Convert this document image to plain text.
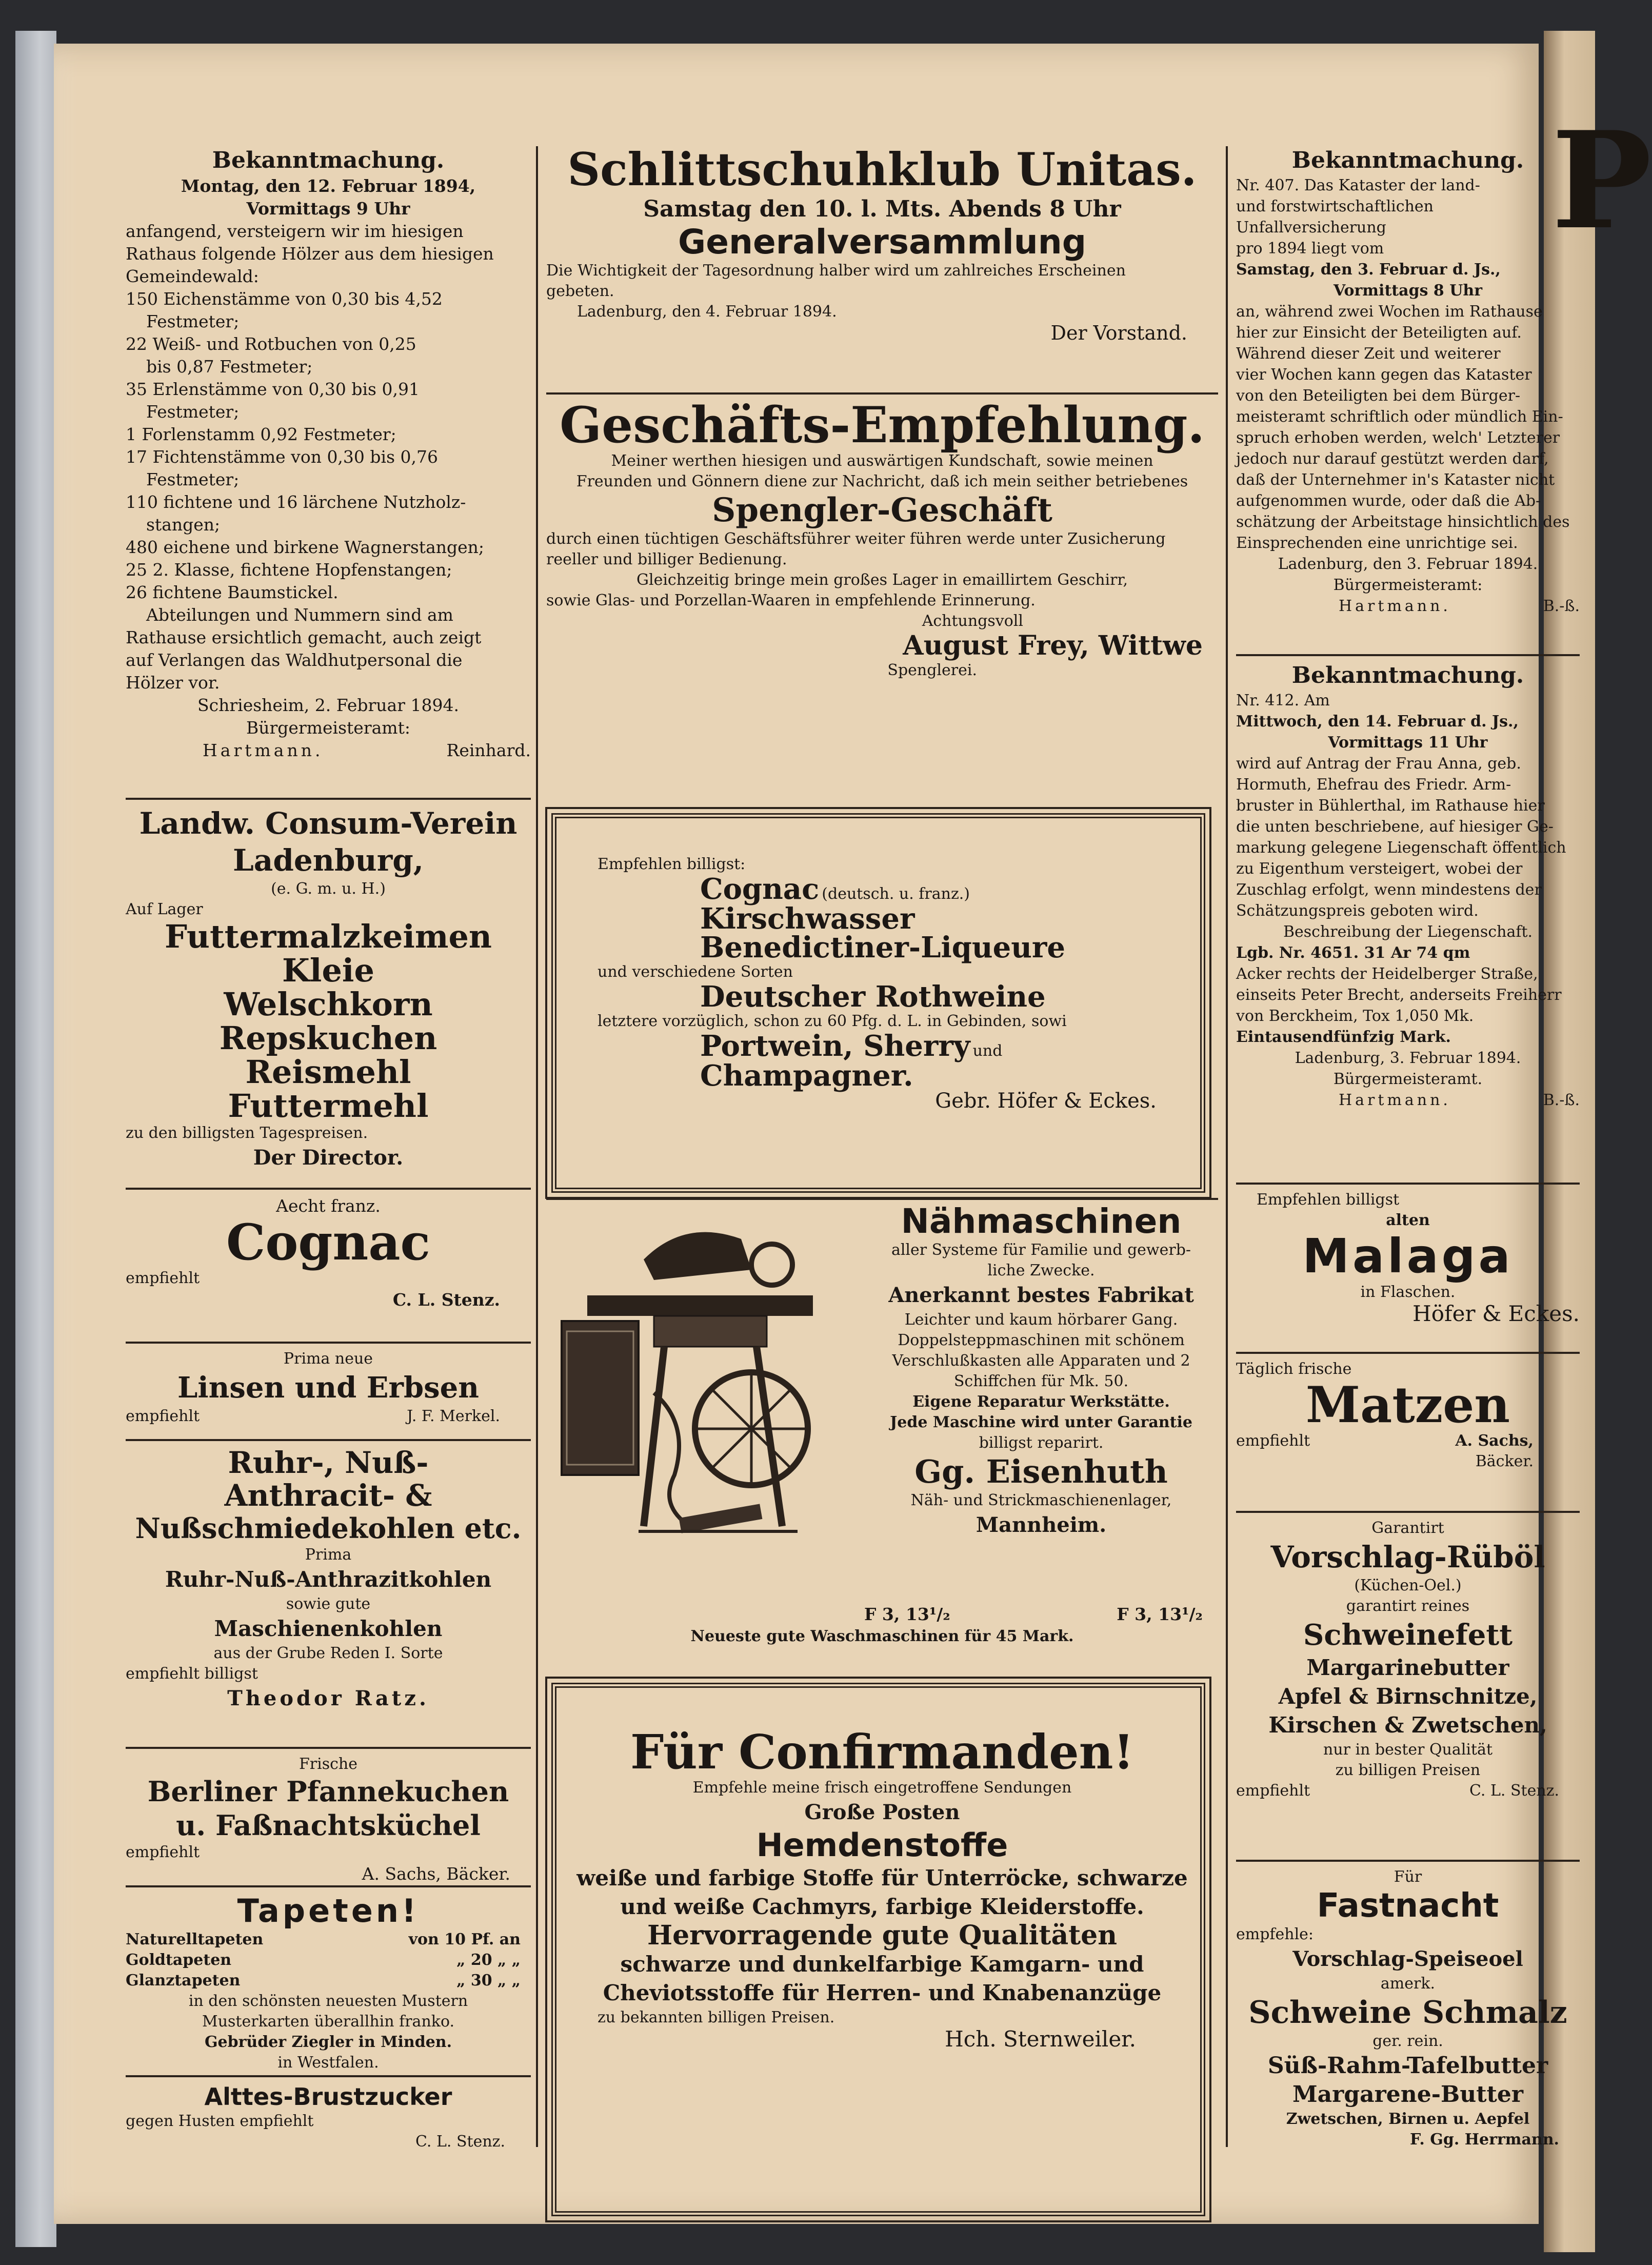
P

Bekanntmachung.

Montag, den 12. Februar 1894,

Vormittags 9 Uhr

anfangend, versteigern wir im hiesigen

Rathaus folgende Hölzer aus dem hiesigen

Gemeindewald:

150 Eichenstämme von 0,30 bis 4,52

Festmeter;

22 Weiß- und Rotbuchen von 0,25

bis 0,87 Festmeter;

35 Erlenstämme von 0,30 bis 0,91

Festmeter;

1 Forlenstamm 0,92 Festmeter;

17 Fichtenstämme von 0,30 bis 0,76

Festmeter;

110 fichtene und 16 lärchene Nutzholz-

stangen;

480 eichene und birkene Wagnerstangen;

25 2. Klasse, fichtene Hopfenstangen;

26 fichtene Baumstickel.

Abteilungen und Nummern sind am

Rathause ersichtlich gemacht, auch zeigt

auf Verlangen das Waldhutpersonal die

Hölzer vor.

Schriesheim, 2. Februar 1894.

Bürgermeisteramt:

Hartmann.	Reinhard.

Landw. Consum-Verein

Ladenburg,

(e. G. m. u. H.)

Auf Lager

Futtermalzkeimen

Kleie

Welschkorn

Repskuchen

Reismehl

Futtermehl

zu den billigsten Tagespreisen.

Der Director.

Aecht franz.

Cognac

empfiehlt

C. L. Stenz.

Prima neue

Linsen und Erbsen

empfiehlt	J. F. Merkel.

Ruhr-, Nuß-

Anthracit- &

Nußschmiedekohlen etc.

Prima

Ruhr-Nuß-Anthrazitkohlen

sowie gute

Maschienenkohlen

aus der Grube Reden I. Sorte

empfiehlt billigst

Theodor Ratz.

Frische

Berliner Pfannekuchen

u. Faßnachtsküchel

empfiehlt

A. Sachs, Bäcker.

Tapeten!

Naturelltapeten	von 10 Pf. an
Goldtapeten	„ 20 „ „
Glanztapeten	„ 30 „ „

in den schönsten neuesten Mustern

Musterkarten überallhin franko.

Gebrüder Ziegler in Minden.

in Westfalen.

Alttes-Brustzucker

gegen Husten empfiehlt

C. L. Stenz.

Schlittschuhklub Unitas.

Samstag den 10. l. Mts. Abends 8 Uhr

Generalversammlung

Die Wichtigkeit der Tagesordnung halber wird um zahlreiches Erscheinen

gebeten.

Ladenburg, den 4. Februar 1894.

Der Vorstand.

Geschäfts-Empfehlung.

Meiner werthen hiesigen und auswärtigen Kundschaft, sowie meinen

Freunden und Gönnern diene zur Nachricht, daß ich mein seither betriebenes

Spengler-Geschäft

durch einen tüchtigen Geschäftsführer weiter führen werde unter Zusicherung

reeller und billiger Bedienung.

Gleichzeitig bringe mein großes Lager in emaillirtem Geschirr,

sowie Glas- und Porzellan-Waaren in empfehlende Erinnerung.

Achtungsvoll

August Frey, Wittwe

Spenglerei.

Empfehlen billigst:

Cognac (deutsch. u. franz.)

Kirschwasser

Benedictiner-Liqueure

und verschiedene Sorten

Deutscher Rothweine

letztere vorzüglich, schon zu 60 Pfg. d. L. in Gebinden, sowi

Portwein, Sherry und

Champagner.

Gebr. Höfer & Eckes.

Nähmaschinen

aller Systeme für Familie und gewerb-

liche Zwecke.

Anerkannt bestes Fabrikat

Leichter und kaum hörbarer Gang.

Doppelsteppmaschinen mit schönem

Verschlußkasten alle Apparaten und 2

Schiffchen für Mk. 50.

Eigene Reparatur Werkstätte.

Jede Maschine wird unter Garantie

billigst reparirt.

Gg. Eisenhuth

Näh- und Strickmaschienenlager,

Mannheim.

F 3, 13¹/₂	F 3, 13¹/₂

Neueste gute Waschmaschinen für 45 Mark.

Für Confirmanden!

Empfehle meine frisch eingetroffene Sendungen

Große Posten

Hemdenstoffe

weiße und farbige Stoffe für Unterröcke, schwarze

und weiße Cachmyrs, farbige Kleiderstoffe.

Hervorragende gute Qualitäten

schwarze und dunkelfarbige Kamgarn- und

Cheviotsstoffe für Herren- und Knabenanzüge

zu bekannten billigen Preisen.

Hch. Sternweiler.

Bekanntmachung.

Nr. 407. Das Kataster der land-

und forstwirtschaftlichen Unfallversicherung

pro 1894 liegt vom

Samstag, den 3. Februar d. Js.,

Vormittags 8 Uhr

an, während zwei Wochen im Rathause

hier zur Einsicht der Beteiligten auf.

Während dieser Zeit und weiterer

vier Wochen kann gegen das Kataster

von den Beteiligten bei dem Bürger-

meisteramt schriftlich oder mündlich Ein-

spruch erhoben werden, welch' Letzterer

jedoch nur darauf gestützt werden darf,

daß der Unternehmer in's Kataster nicht

aufgenommen wurde, oder daß die Ab-

schätzung der Arbeitstage hinsichtlich des

Einsprechenden eine unrichtige sei.

Ladenburg, den 3. Februar 1894.

Bürgermeisteramt:

Hartmann.	B.-ß.

Bekanntmachung.

Nr. 412. Am

Mittwoch, den 14. Februar d. Js.,

Vormittags 11 Uhr

wird auf Antrag der Frau Anna, geb.

Hormuth, Ehefrau des Friedr. Arm-

bruster in Bühlerthal, im Rathause hier

die unten beschriebene, auf hiesiger Ge-

markung gelegene Liegenschaft öffentlich

zu Eigenthum versteigert, wobei der

Zuschlag erfolgt, wenn mindestens der

Schätzungspreis geboten wird.

Beschreibung der Liegenschaft.

Lgb. Nr. 4651. 31 Ar 74 qm

Acker rechts der Heidelberger Straße,

einseits Peter Brecht, anderseits Freiherr

von Berckheim, Tox 1,050 Mk.

Eintausendfünfzig Mark.

Ladenburg, 3. Februar 1894.

Bürgermeisteramt.

Hartmann.	B.-ß.

Empfehlen billigst

alten

Malaga

in Flaschen.

Höfer & Eckes.

Täglich frische

Matzen

empfiehlt	A. Sachs,

Bäcker.

Garantirt

Vorschlag-Rüböl

(Küchen-Oel.)

garantirt reines

Schweinefett

Margarinebutter

Apfel & Birnschnitze,

Kirschen & Zwetschen,

nur in bester Qualität

zu billigen Preisen

empfiehlt	C. L. Stenz.

Für

Fastnacht

empfehle:

Vorschlag-Speiseoel

amerk.

Schweine Schmalz

ger. rein.

Süß-Rahm-Tafelbutter

Margarene-Butter

Zwetschen, Birnen u. Aepfel

F. Gg. Herrmann.
